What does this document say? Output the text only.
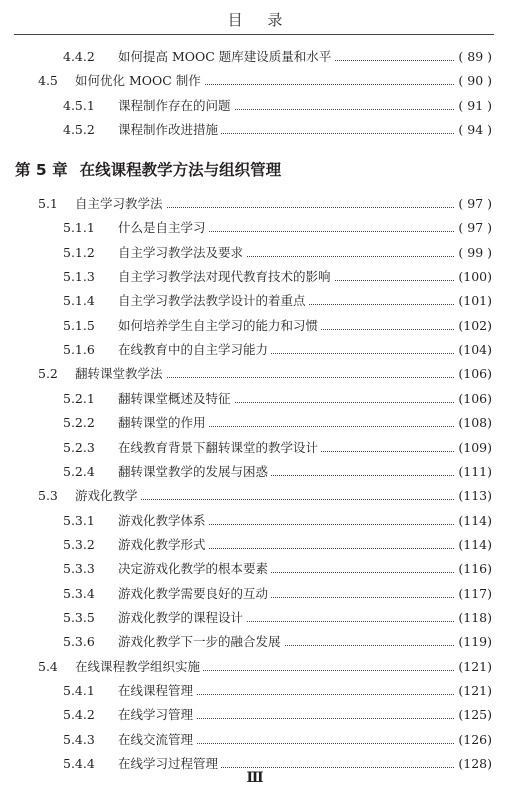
目 录
第 5 章 在线课程教学方法与组织管理
4.4.2 如何提高 MOOC 题库建设质量和水平	( 89 )
4.5 如何优化 MOOC 制作	( 90 )
4.5.1 课程制作存在的问题	( 91 )
4.5.2 课程制作改进措施	( 94 )
5.1 自主学习教学法	( 97 )
5.1.1 什么是自主学习	( 97 )
5.1.2 自主学习教学法及要求	( 99 )
5.1.3 自主学习教学法对现代教育技术的影响	(100)
5.1.4 自主学习教学法教学设计的着重点	(101)
5.1.5 如何培养学生自主学习的能力和习惯	(102)
5.1.6 在线教育中的自主学习能力	(104)
5.2 翻转课堂教学法	(106)
5.2.1 翻转课堂概述及特征	(106)
5.2.2 翻转课堂的作用	(108)
5.2.3 在线教育背景下翻转课堂的教学设计	(109)
5.2.4 翻转课堂教学的发展与困惑	(111)
5.3 游戏化教学	(113)
5.3.1 游戏化教学体系	(114)
5.3.2 游戏化教学形式	(114)
5.3.3 决定游戏化教学的根本要素	(116)
5.3.4 游戏化教学需要良好的互动	(117)
5.3.5 游戏化教学的课程设计	(118)
5.3.6 游戏化教学下一步的融合发展	(119)
5.4 在线课程教学组织实施	(121)
5.4.1 在线课程管理	(121)
5.4.2 在线学习管理	(125)
5.4.3 在线交流管理	(126)
5.4.4 在线学习过程管理	(128)
Ⅲ
